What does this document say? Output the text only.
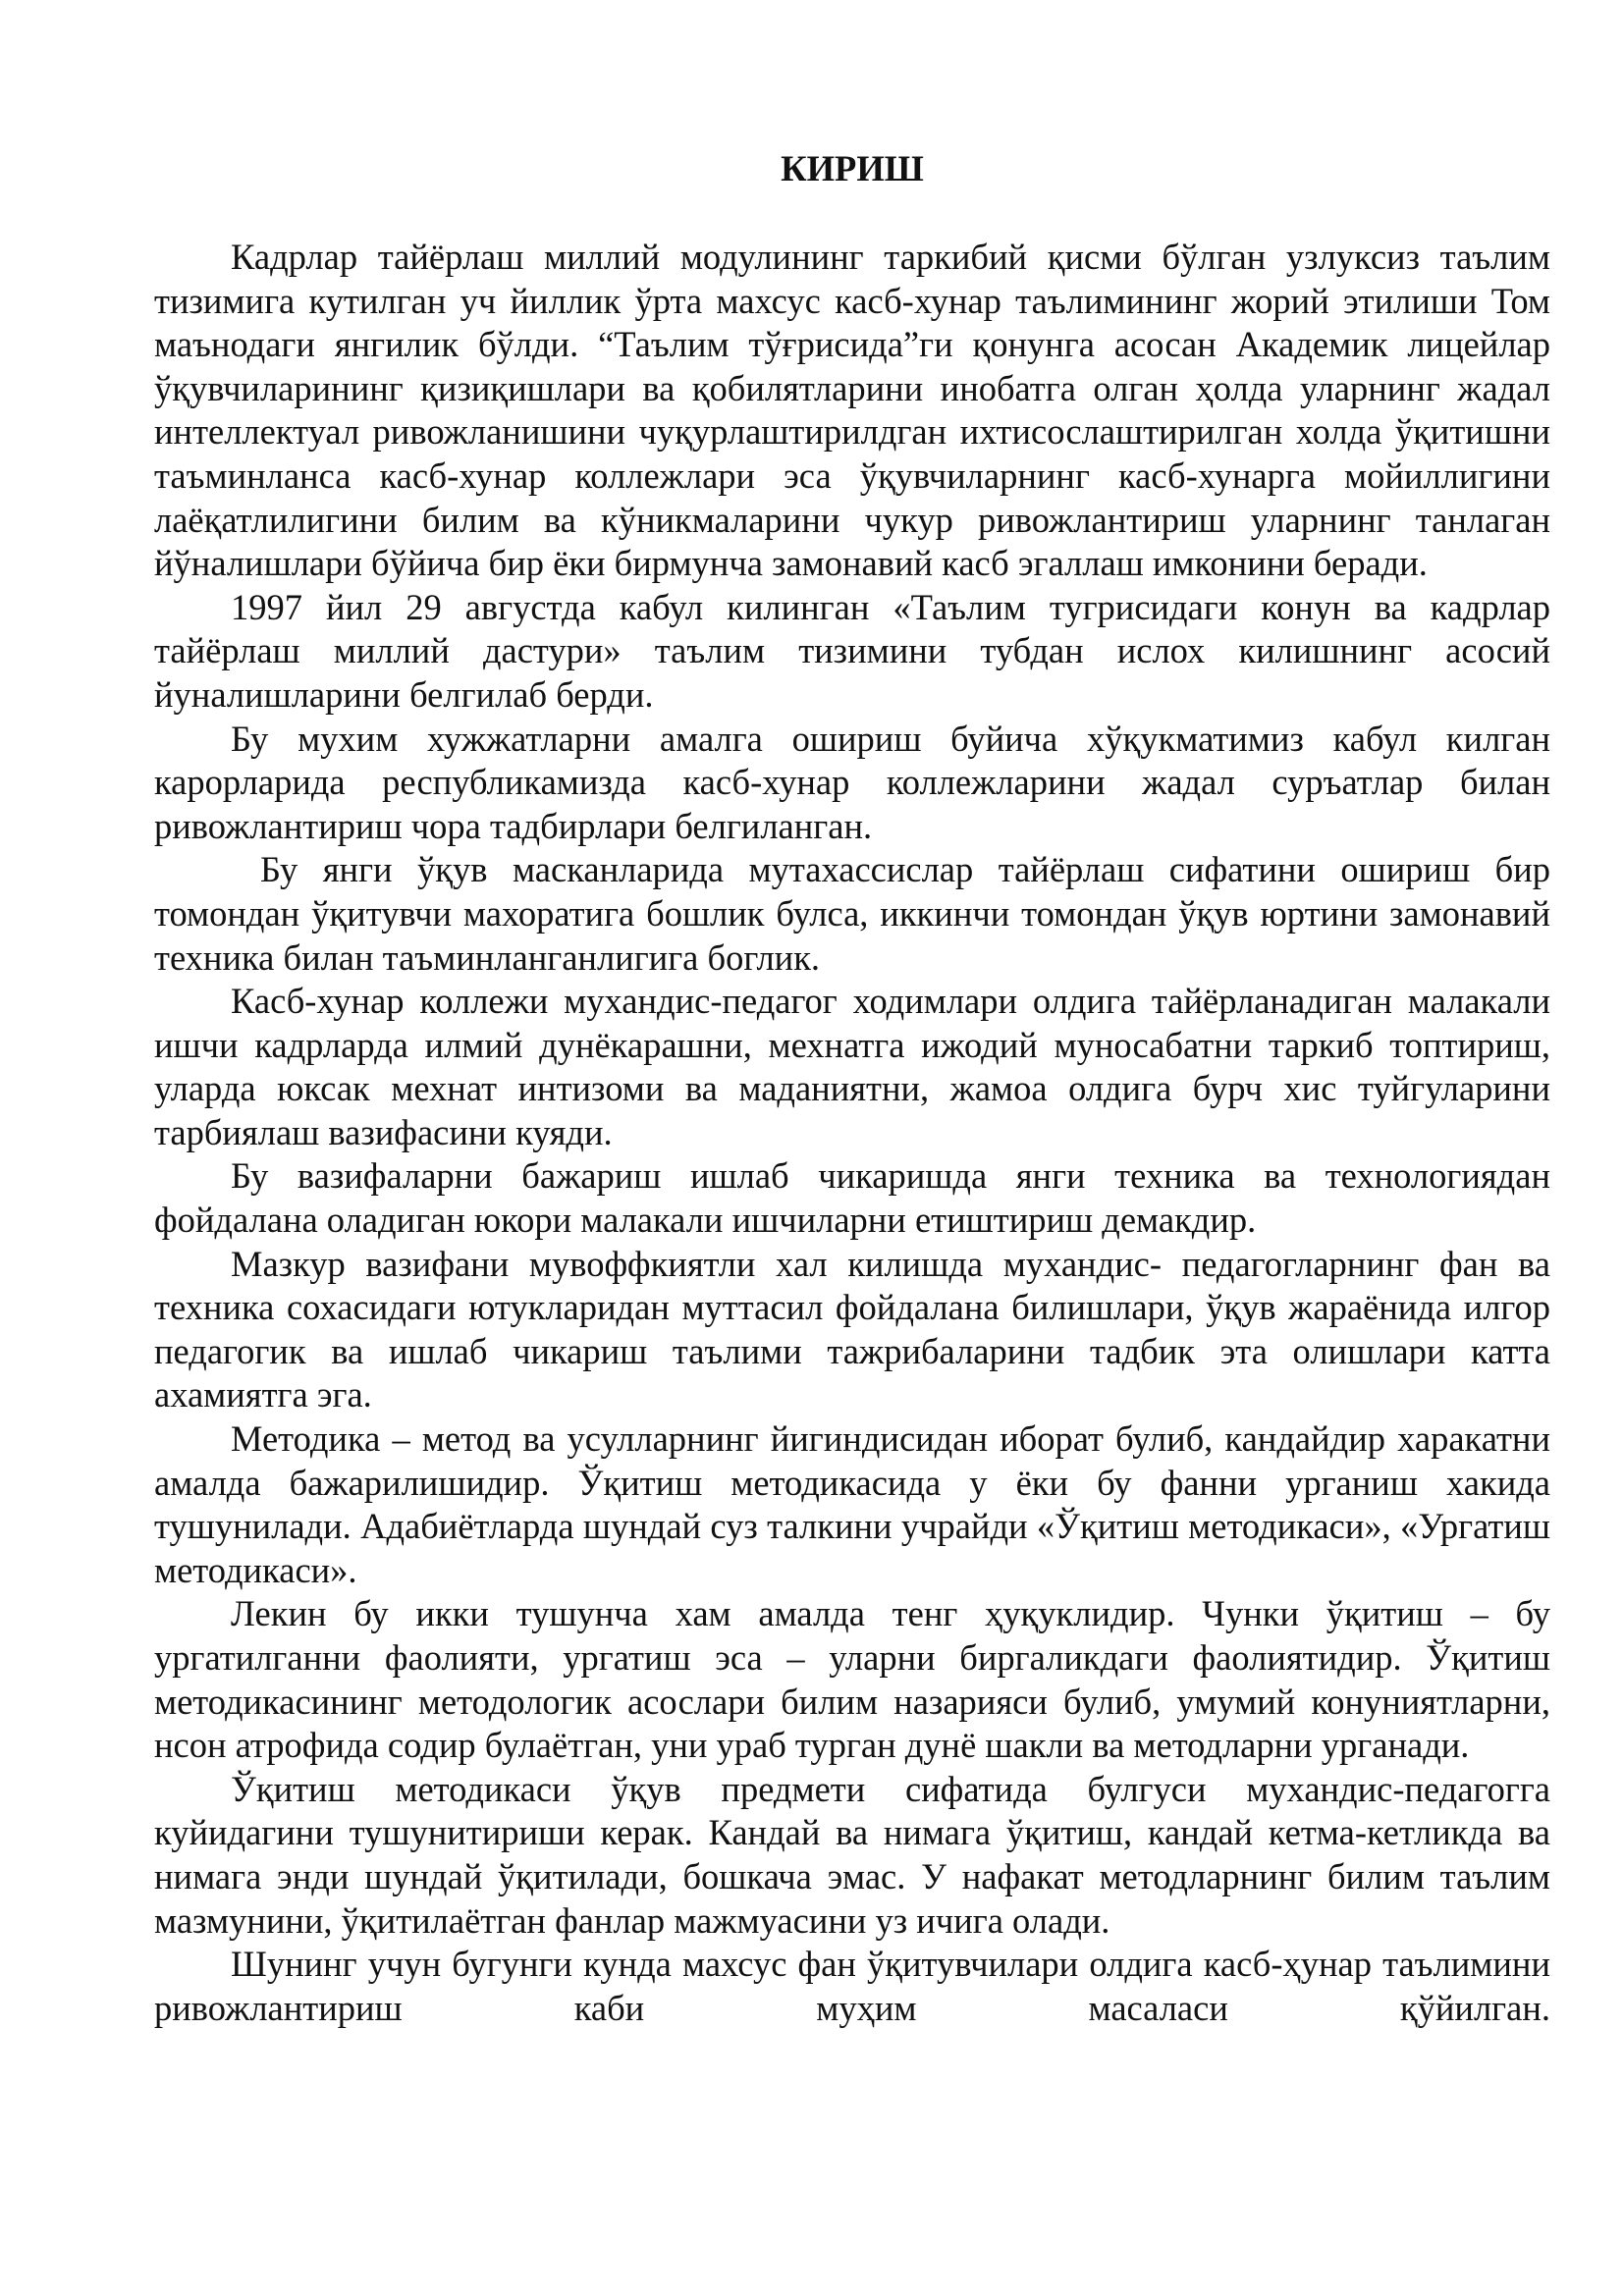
КИРИШ

Кадрлар тайёрлаш миллий модулининг таркибий қисми бўлган узлуксиз таълим тизимига кутилган уч йиллик ўрта махсус касб-хунар таълимининг жорий этилиши Том маънодаги янгилик бўлди. “Таълим тўғрисида”ги қонунга асосан Академик лицейлар ўқувчиларининг қизиқишлари ва қобилятларини инобатга олган ҳолда уларнинг жадал интеллектуал ривожланишини чуқурлаштирилдган ихтисослаштирилган холда ўқитишни таъминланса касб-хунар коллежлари эса ўқувчиларнинг касб-хунарга мойиллигини лаёқатлилигини билим ва кўникмаларини чукур ривожлантириш уларнинг танлаган йўналишлари бўйича бир ёки бирмунча замонавий касб эгаллаш имконини беради.

1997 йил 29 августда кабул килинган «Таълим тугрисидаги конун ва кадрлар тайёрлаш миллий дастури» таълим тизимини тубдан ислох килишнинг асосий йуналишларини белгилаб берди.

Бу мухим хужжатларни амалга ошириш буйича хўқукматимиз кабул килган карорларида республикамизда касб-хунар коллежларини жадал суръатлар билан ривожлантириш чора тадбирлари белгиланган.

Бу янги ўқув масканларида мутахассислар тайёрлаш сифатини ошириш бир томондан ўқитувчи махоратига бошлик булса, иккинчи томондан ўқув юртини замонавий техника билан таъминланганлигига боглик.

Касб-хунар коллежи мухандис-педагог ходимлари олдига тайёрланадиган малакали ишчи кадрларда илмий дунёкарашни, мехнатга ижодий муносабатни таркиб топтириш, уларда юксак мехнат интизоми ва маданиятни, жамоа олдига бурч хис туйгуларини тарбиялаш вазифасини куяди.

Бу вазифаларни бажариш ишлаб чикаришда янги техника ва технологиядан фойдалана оладиган юкори малакали ишчиларни етиштириш демакдир.

Мазкур вазифани мувоффкиятли хал килишда мухандис- педагогларнинг фан ва техника сохасидаги ютукларидан муттасил фойдалана билишлари, ўқув жараёнида илгор педагогик ва ишлаб чикариш таълими тажрибаларини тадбик эта олишлари катта ахамиятга эга.

Методика – метод ва усулларнинг йигиндисидан иборат булиб, кандайдир харакатни амалда бажарилишидир. Ўқитиш методикасида у ёки бу фанни урганиш хакида тушунилади. Адабиётларда шундай суз талкини учрайди «Ўқитиш методикаси», «Ургатиш методикаси».

Лекин бу икки тушунча хам амалда тенг ҳуқуклидир. Чунки ўқитиш – бу ургатилганни фаолияти, ургатиш эса – уларни биргаликдаги фаолиятидир. Ўқитиш методикасининг методологик асослари билим назарияси булиб, умумий конуниятларни, нсон атрофида содир булаётган, уни ураб турган дунё шакли ва методларни урганади.

Ўқитиш методикаси ўқув предмети сифатида булгуси мухандис-педагогга куйидагини тушунитириши керак. Кандай ва нимага ўқитиш, кандай кетма-кетликда ва нимага энди шундай ўқитилади, бошкача эмас. У нафакат методларнинг билим таълим мазмунини, ўқитилаётган фанлар мажмуасини уз ичига олади.

Шунинг учун бугунги кунда махсус фан ўқитувчилари олдига касб-ҳунар таълимини ривожлантириш каби муҳим масаласи қўйилган.
